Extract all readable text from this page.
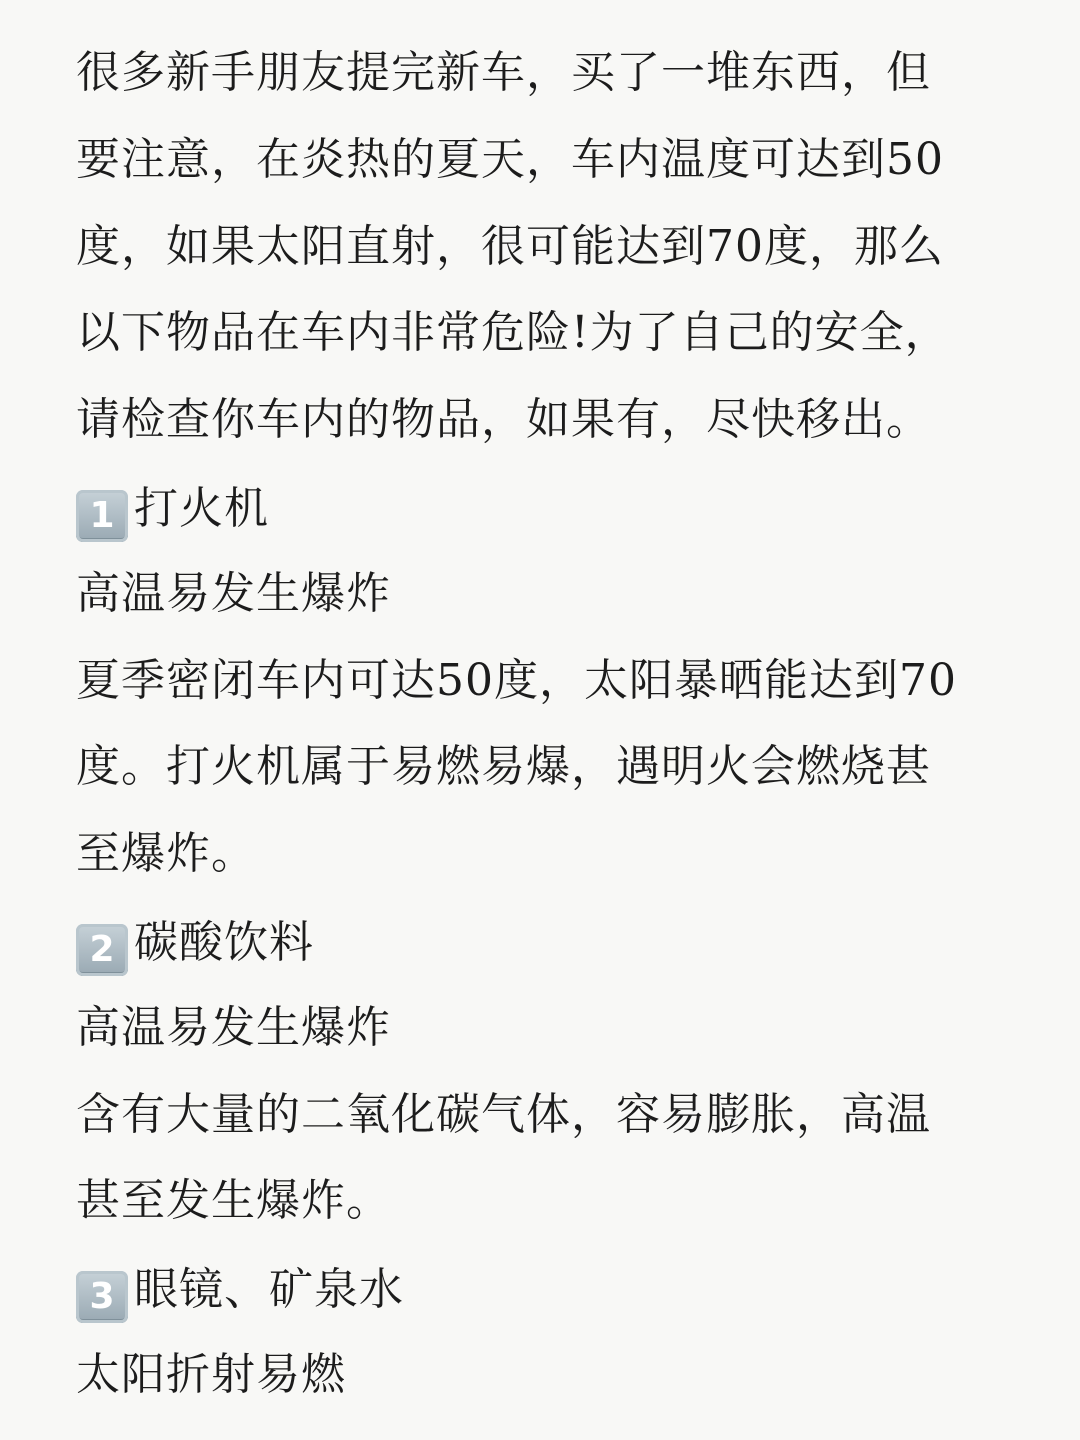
很多新手朋友提完新车，买了一堆东西，但
要注意，在炎热的夏天，车内温度可达到50
度，如果太阳直射，很可能达到70度，那么
以下物品在车内非常危险!为了自己的安全，
请检查你车内的物品，如果有，尽快移出。
1 打火机
高温易发生爆炸
夏季密闭车内可达50度，太阳暴晒能达到70
度。打火机属于易燃易爆，遇明火会燃烧甚
至爆炸。
2 碳酸饮料
高温易发生爆炸
含有大量的二氧化碳气体，容易膨胀，高温
甚至发生爆炸。
3 眼镜、矿泉水
太阳折射易燃
